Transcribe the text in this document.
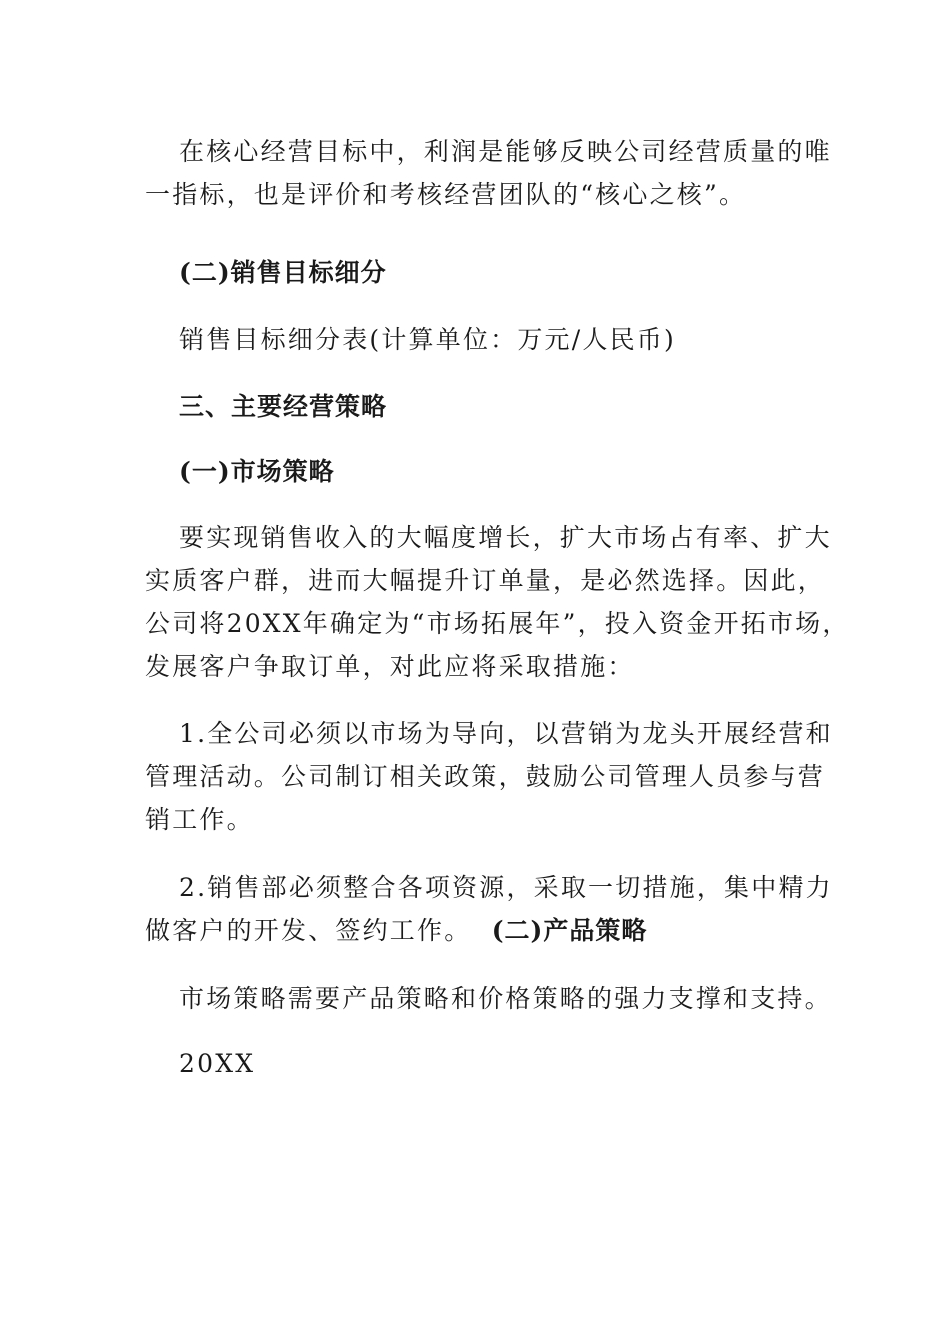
在核心经营目标中，利润是能够反映公司经营质量的唯
一指标，也是评价和考核经营团队的“核心之核”。
(二)销售目标细分
销售目标细分表(计算单位：万元/人民币)
三、主要经营策略
(一)市场策略
要实现销售收入的大幅度增长，扩大市场占有率、扩大
实质客户群，进而大幅提升订单量，是必然选择。因此，
公司将20XX年确定为“市场拓展年”，投入资金开拓市场，
发展客户争取订单，对此应将采取措施：
1.全公司必须以市场为导向，以营销为龙头开展经营和
管理活动。公司制订相关政策，鼓励公司管理人员参与营
销工作。
2.销售部必须整合各项资源，采取一切措施，集中精力
做客户的开发、签约工作。 (二)产品策略
市场策略需要产品策略和价格策略的强力支撑和支持。
20XX
